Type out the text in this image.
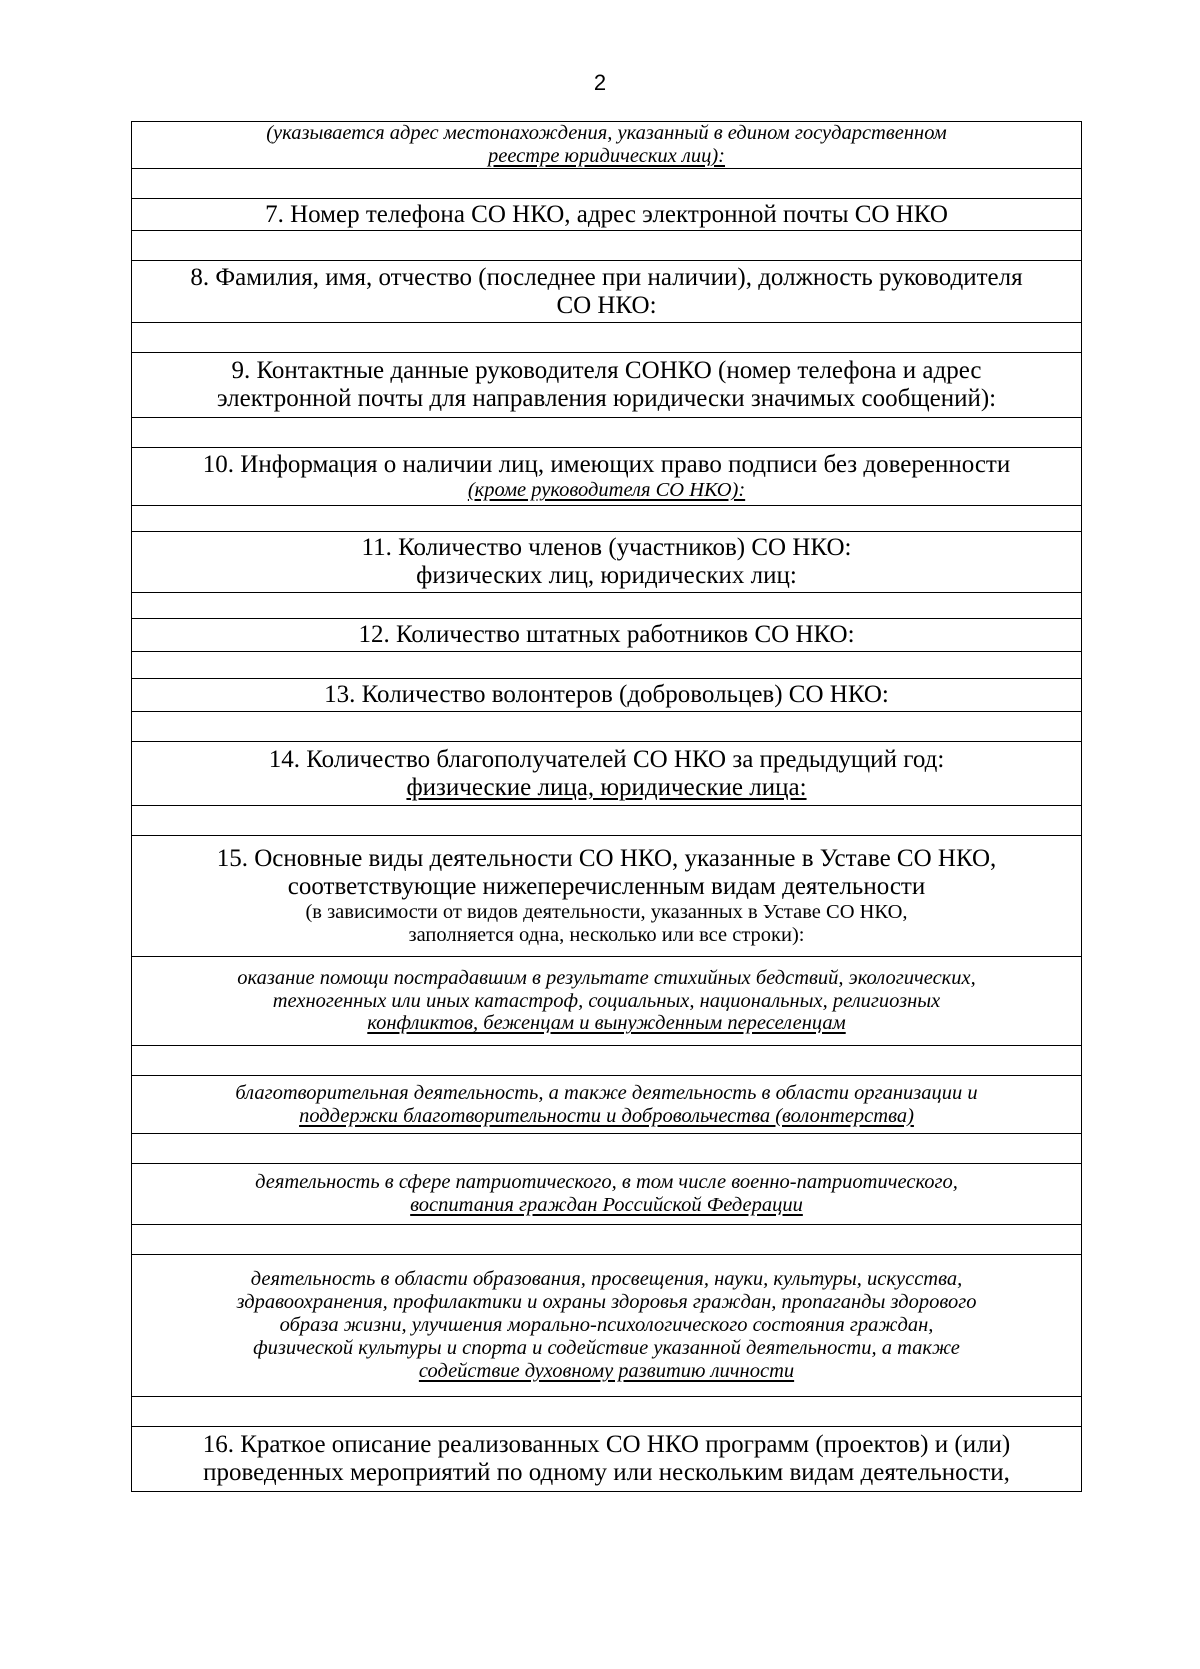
2
(указывается адрес местонахождения, указанный в едином государственном
реестре юридических лиц):
7. Номер телефона СО НКО, адрес электронной почты СО НКО
8. Фамилия, имя, отчество (последнее при наличии), должность руководителя
СО НКО:
9. Контактные данные руководителя СОНКО (номер телефона и адрес
электронной почты для направления юридически значимых сообщений):
10. Информация о наличии лиц, имеющих право подписи без доверенности
(кроме руководителя СО НКО):
11. Количество членов (участников) СО НКО:
физических лиц, юридических лиц:
12. Количество штатных работников СО НКО:
13. Количество волонтеров (добровольцев) СО НКО:
14. Количество благополучателей СО НКО за предыдущий год:
физические лица, юридические лица:
15. Основные виды деятельности СО НКО, указанные в Уставе СО НКО,
соответствующие нижеперечисленным видам деятельности
(в зависимости от видов деятельности, указанных в Уставе СО НКО,
заполняется одна, несколько или все строки):
оказание помощи пострадавшим в результате стихийных бедствий, экологических,
техногенных или иных катастроф, социальных, национальных, религиозных
конфликтов, беженцам и вынужденным переселенцам
благотворительная деятельность, а также деятельность в области организации и
поддержки благотворительности и добровольчества (волонтерства)
деятельность в сфере патриотического, в том числе военно-патриотического,
воспитания граждан Российской Федерации
деятельность в области образования, просвещения, науки, культуры, искусства,
здравоохранения, профилактики и охраны здоровья граждан, пропаганды здорового
образа жизни, улучшения морально-психологического состояния граждан,
физической культуры и спорта и содействие указанной деятельности, а также
содействие духовному развитию личности
16. Краткое описание реализованных СО НКО программ (проектов) и (или)
проведенных мероприятий по одному или нескольким видам деятельности,
